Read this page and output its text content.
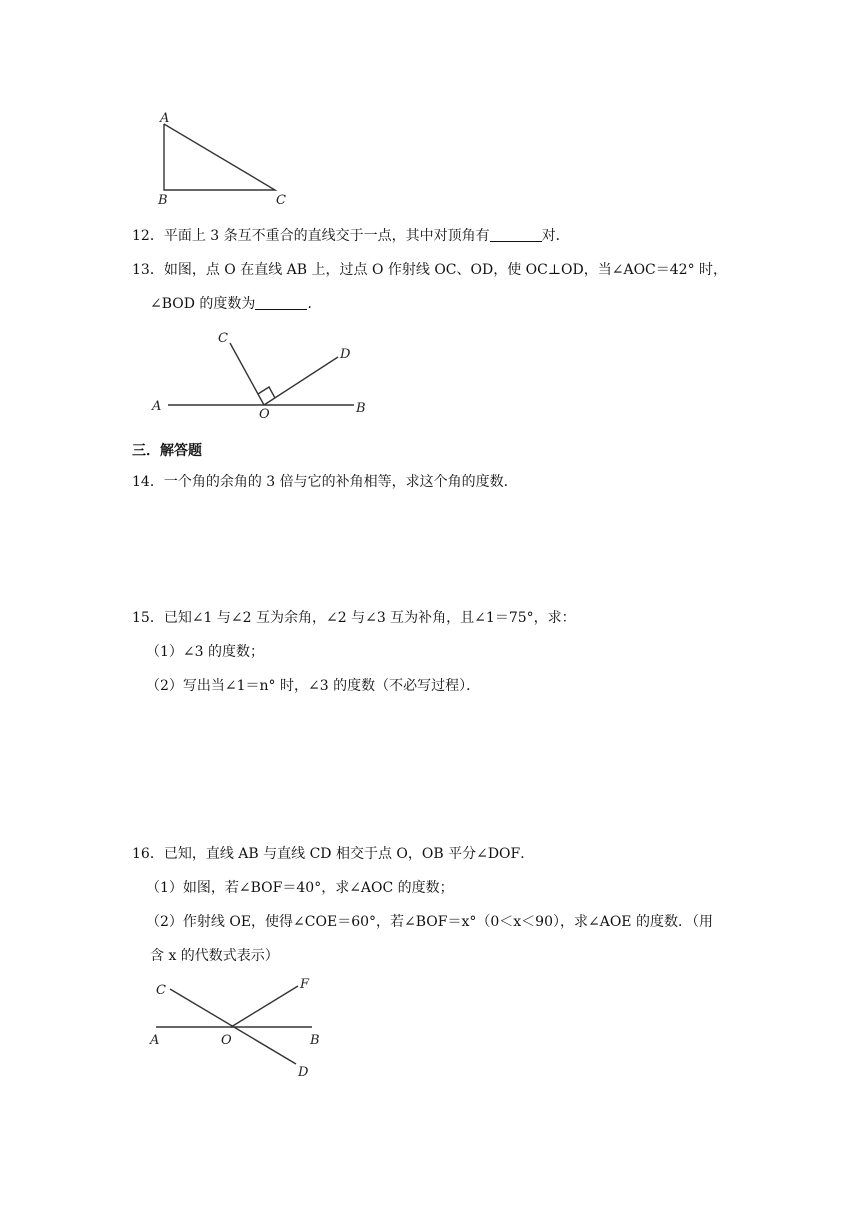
A
B	C
12．平面上 3 条互不重合的直线交于一点，其中对顶角有	对．
13．如图，点 O 在直线 AB 上，过点 O 作射线 OC、OD，使 OC⊥OD，当∠AOC＝42° 时，
∠BOD 的度数为	．
C
D
A
O	B
三．解答题
14．一个角的余角的 3 倍与它的补角相等，求这个角的度数．
15．已知∠1 与∠2 互为余角，∠2 与∠3 互为补角，且∠1＝75°，求：
（1）∠3 的度数；
（2）写出当∠1＝n° 时，∠3 的度数（不必写过程）．
16．已知，直线 AB 与直线 CD 相交于点 O，OB 平分∠DOF．
（1）如图，若∠BOF＝40°，求∠AOC 的度数；
（2）作射线 OE，使得∠COE＝60°，若∠BOF＝x°（0＜x＜90），求∠AOE 的度数．（用
含 x 的代数式表示）
C	F
A	O	B
D
